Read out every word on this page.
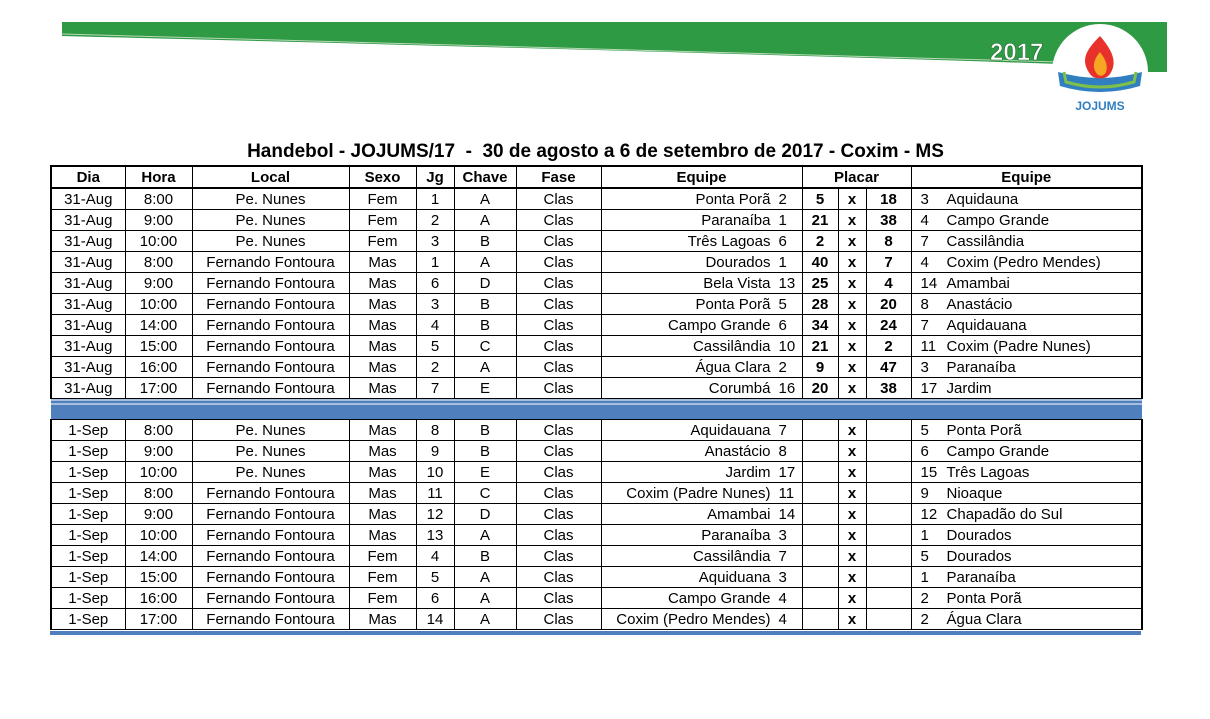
2017
JOJUMS
Handebol - JOJUMS/17  -  30 de agosto a 6 de setembro de 2017 - Coxim - MS
Dia	Hora	Local	Sexo	Jg	Chave	Fase	Equipe	Placar			Equipe
31-Aug	8:00	Pe. Nunes	Fem	1	A	Clas	Ponta Porã 2	5	x	18	3 Aquidauna
31-Aug	9:00	Pe. Nunes	Fem	2	A	Clas	Paranaíba 1	21	x	38	4 Campo Grande
31-Aug	10:00	Pe. Nunes	Fem	3	B	Clas	Três Lagoas 6	2	x	8	7 Cassilândia
31-Aug	8:00	Fernando Fontoura	Mas	1	A	Clas	Dourados 1	40	x	7	4 Coxim (Pedro Mendes)
31-Aug	9:00	Fernando Fontoura	Mas	6	D	Clas	Bela Vista 13	25	x	4	14 Amambai
31-Aug	10:00	Fernando Fontoura	Mas	3	B	Clas	Ponta Porã 5	28	x	20	8 Anastácio
31-Aug	14:00	Fernando Fontoura	Mas	4	B	Clas	Campo Grande 6	34	x	24	7 Aquidauana
31-Aug	15:00	Fernando Fontoura	Mas	5	C	Clas	Cassilândia 10	21	x	2	11 Coxim (Padre Nunes)
31-Aug	16:00	Fernando Fontoura	Mas	2	A	Clas	Água Clara 2	9	x	47	3 Paranaíba
31-Aug	17:00	Fernando Fontoura	Mas	7	E	Clas	Corumbá 16	20	x	38	17 Jardim

1-Sep	8:00	Pe. Nunes	Mas	8	B	Clas	Aquidauana 7		x		5 Ponta Porã
1-Sep	9:00	Pe. Nunes	Mas	9	B	Clas	Anastácio 8		x		6 Campo Grande
1-Sep	10:00	Pe. Nunes	Mas	10	E	Clas	Jardim 17		x		15 Três Lagoas
1-Sep	8:00	Fernando Fontoura	Mas	11	C	Clas	Coxim (Padre Nunes) 11		x		9 Nioaque
1-Sep	9:00	Fernando Fontoura	Mas	12	D	Clas	Amambai 14		x		12 Chapadão do Sul
1-Sep	10:00	Fernando Fontoura	Mas	13	A	Clas	Paranaíba 3		x		1 Dourados
1-Sep	14:00	Fernando Fontoura	Fem	4	B	Clas	Cassilândia 7		x		5 Dourados
1-Sep	15:00	Fernando Fontoura	Fem	5	A	Clas	Aquiduana 3		x		1 Paranaíba
1-Sep	16:00	Fernando Fontoura	Fem	6	A	Clas	Campo Grande 4		x		2 Ponta Porã
1-Sep	17:00	Fernando Fontoura	Mas	14	A	Clas	Coxim (Pedro Mendes) 4		x		2 Água Clara
